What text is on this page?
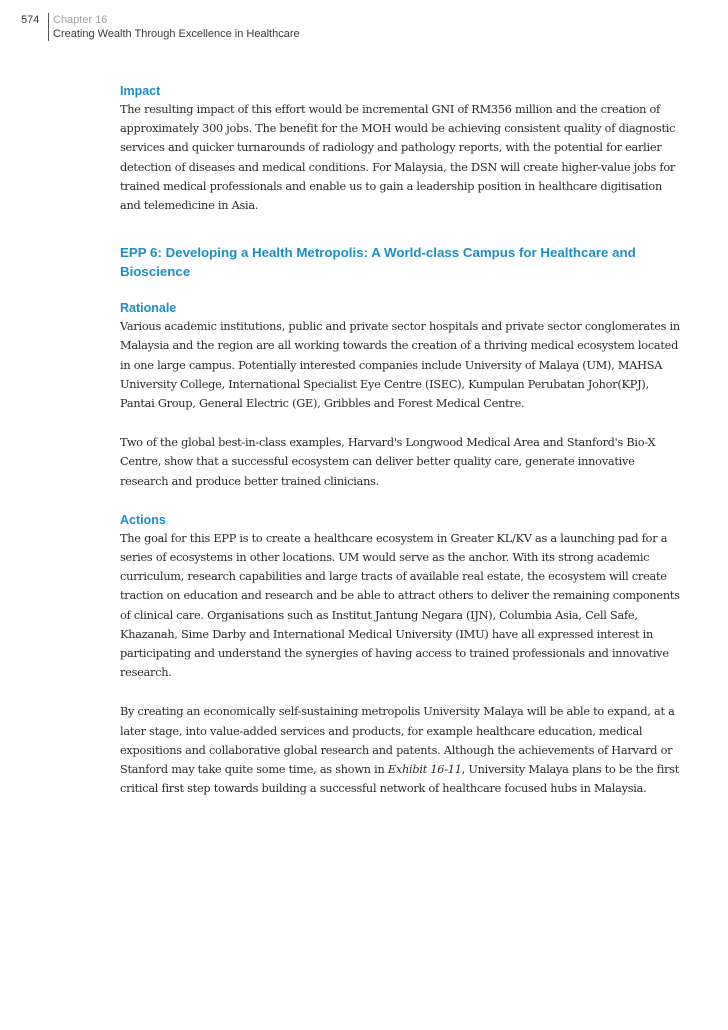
574 Chapter 16
Creating Wealth Through Excellence in Healthcare
Impact

The resulting impact of this effort would be incremental GNI of RM356 million and the creation of approximately 300 jobs. The benefit for the MOH would be achieving consistent quality of diagnostic services and quicker turnarounds of radiology and pathology reports, with the potential for earlier detection of diseases and medical conditions. For Malaysia, the DSN will create higher-value jobs for trained medical professionals and enable us to gain a leadership position in healthcare digitisation and telemedicine in Asia.

EPP 6: Developing a Health Metropolis: A World-class Campus for Healthcare and Bioscience
Rationale

Various academic institutions, public and private sector hospitals and private sector conglomerates in Malaysia and the region are all working towards the creation of a thriving medical ecosystem located in one large campus. Potentially interested companies include University of Malaya (UM), MAHSA University College, International Specialist Eye Centre (ISEC), Kumpulan Perubatan Johor(KPJ), Pantai Group, General Electric (GE), Gribbles and Forest Medical Centre.

Two of the global best-in-class examples, Harvard's Longwood Medical Area and Stanford's Bio-X Centre, show that a successful ecosystem can deliver better quality care, generate innovative research and produce better trained clinicians.

Actions

The goal for this EPP is to create a healthcare ecosystem in Greater KL/KV as a launching pad for a series of ecosystems in other locations. UM would serve as the anchor. With its strong academic curriculum, research capabilities and large tracts of available real estate, the ecosystem will create traction on education and research and be able to attract others to deliver the remaining components of clinical care. Organisations such as Institut Jantung Negara (IJN), Columbia Asia, Cell Safe, Khazanah, Sime Darby and International Medical University (IMU) have all expressed interest in participating and understand the synergies of having access to trained professionals and innovative research.

By creating an economically self-sustaining metropolis University Malaya will be able to expand, at a later stage, into value-added services and products, for example healthcare education, medical expositions and collaborative global research and patents. Although the achievements of Harvard or Stanford may take quite some time, as shown in Exhibit 16-11, University Malaya plans to be the first critical first step towards building a successful network of healthcare focused hubs in Malaysia.
